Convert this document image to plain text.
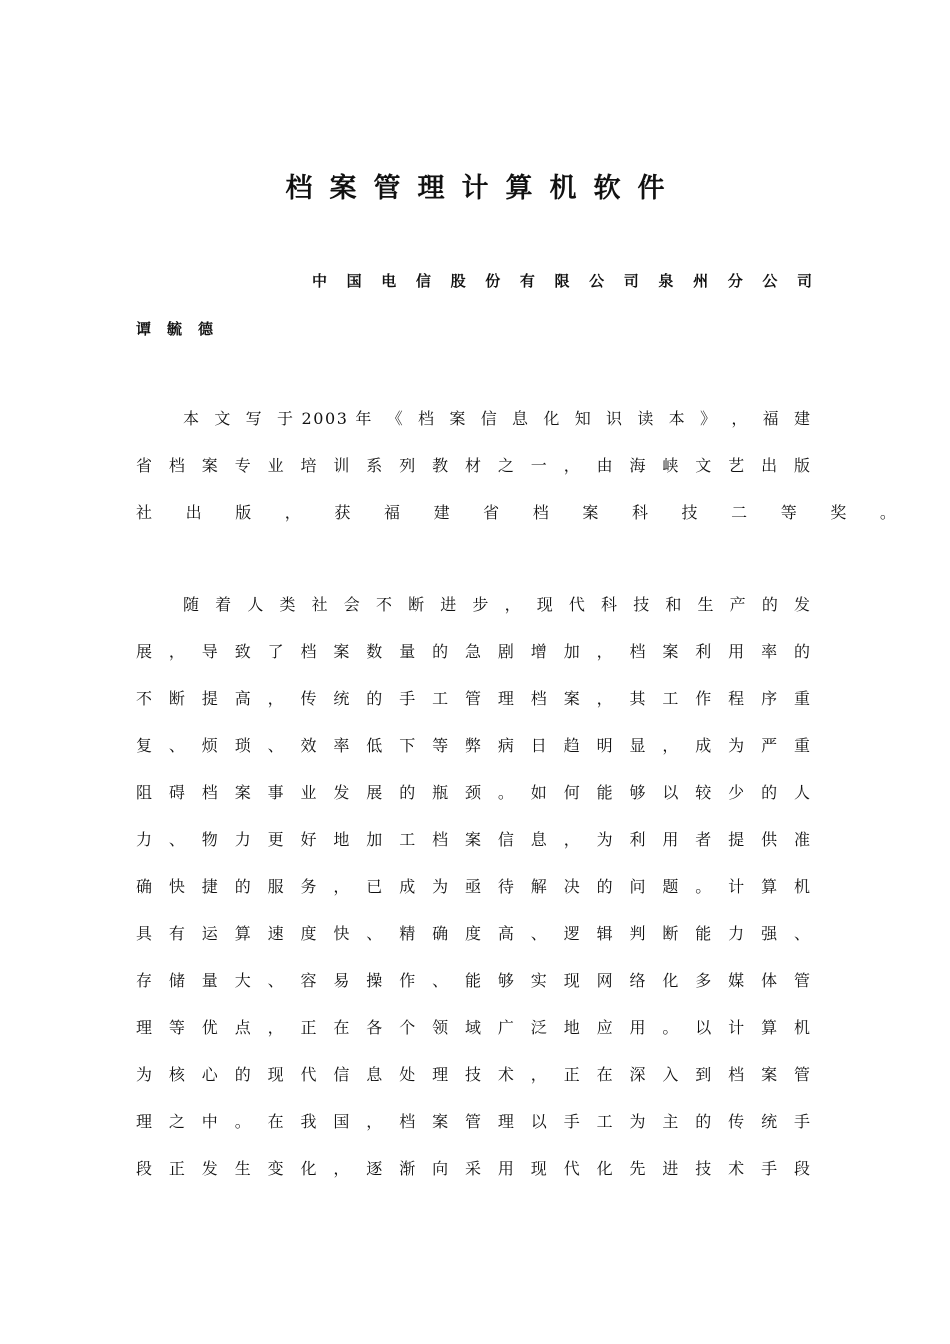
档案管理计算机软件
中 国 电 信 股 份 有 限 公 司 泉 州 分 公 司
谭毓德
本 文 写 于 2 0 0 3 年 《 档 案 信 息 化 知 识 读 本 》 ， 福 建
省 档 案 专 业 培 训 系 列 教 材 之 一 ， 由 海 峡 文 艺 出 版
社 出 版 ， 获 福 建 省 档 案 科 技 二 等 奖 。
随 着 人 类 社 会 不 断 进 步 ， 现 代 科 技 和 生 产 的 发
展 ， 导 致 了 档 案 数 量 的 急 剧 增 加 ， 档 案 利 用 率 的
不 断 提 高 ， 传 统 的 手 工 管 理 档 案 ， 其 工 作 程 序 重
复 、 烦 琐 、 效 率 低 下 等 弊 病 日 趋 明 显 ， 成 为 严 重
阻 碍 档 案 事 业 发 展 的 瓶 颈 。 如 何 能 够 以 较 少 的 人
力 、 物 力 更 好 地 加 工 档 案 信 息 ， 为 利 用 者 提 供 准
确 快 捷 的 服 务 ， 已 成 为 亟 待 解 决 的 问 题 。 计 算 机
具 有 运 算 速 度 快 、 精 确 度 高 、 逻 辑 判 断 能 力 强 、
存 储 量 大 、 容 易 操 作 、 能 够 实 现 网 络 化 多 媒 体 管
理 等 优 点 ， 正 在 各 个 领 域 广 泛 地 应 用 。 以 计 算 机
为 核 心 的 现 代 信 息 处 理 技 术 ， 正 在 深 入 到 档 案 管
理 之 中 。 在 我 国 ， 档 案 管 理 以 手 工 为 主 的 传 统 手
段 正 发 生 变 化 ， 逐 渐 向 采 用 现 代 化 先 进 技 术 手 段
